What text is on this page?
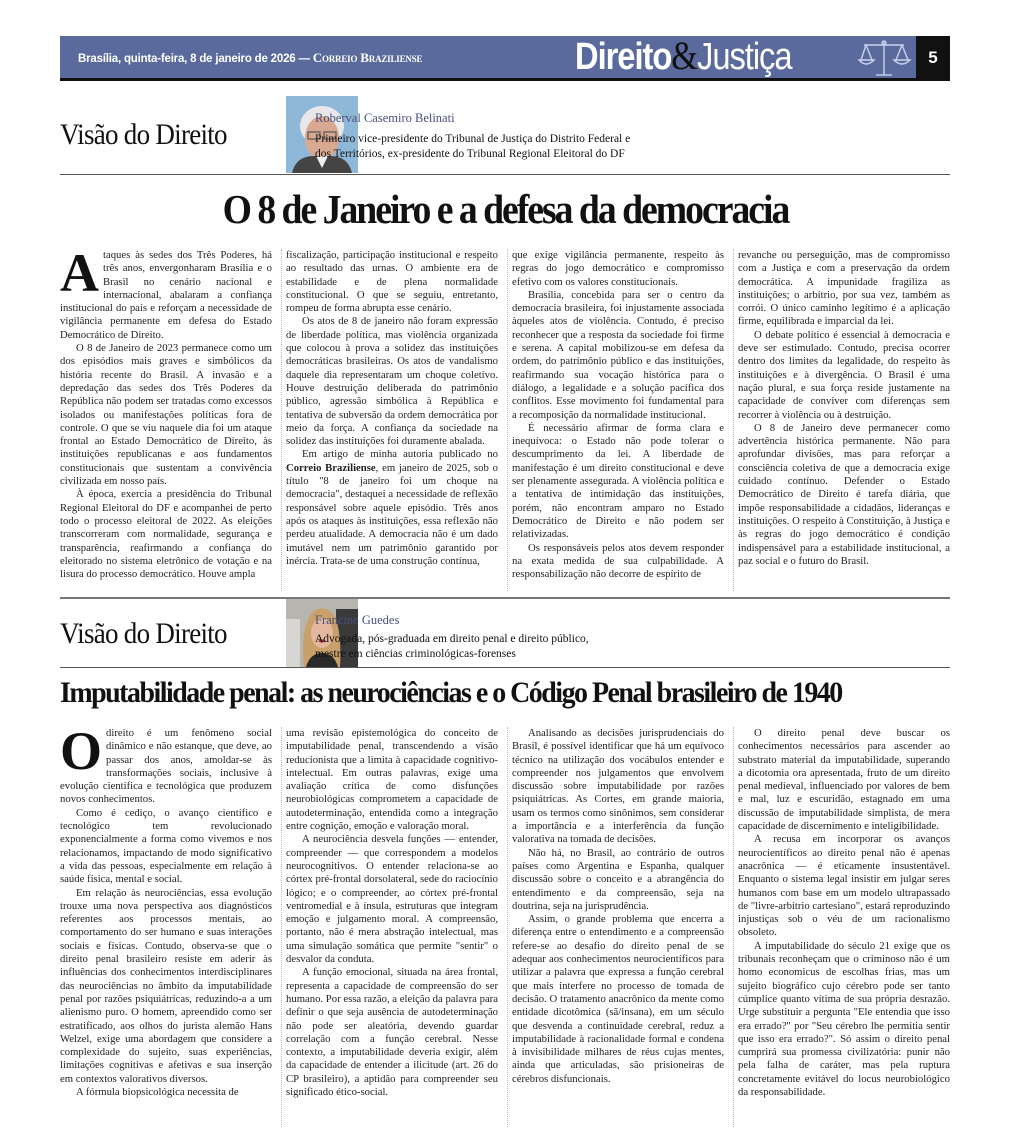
Brasília, quinta-feira, 8 de janeiro de 2026 — Correio Braziliense	Direito&Justiça	5
Visão do Direito	Roberval Casemiro Belinati
Primeiro vice-presidente do Tribunal de Justiça do Distrito Federal e
dos Territórios, ex-presidente do Tribunal Regional Eleitoral do DF
O 8 de Janeiro e a defesa da democracia

Ataques às sedes dos Três Poderes, há três anos, envergonharam Brasília e o Brasil no cenário nacional e internacional, abalaram a confiança institucional do país e reforçam a necessidade de vigilância permanente em defesa do Estado Democrático de Direito.

O 8 de Janeiro de 2023 permanece como um dos episódios mais graves e simbólicos da história recente do Brasil. A invasão e a depredação das sedes dos Três Poderes da República não podem ser tratadas como excessos isolados ou manifestações políticas fora de controle. O que se viu naquele dia foi um ataque frontal ao Estado Democrático de Direito, às instituições republicanas e aos fundamentos constitucionais que sustentam a convivência civilizada em nosso país.

À época, exercia a presidência do Tribunal Regional Eleitoral do DF e acompanhei de perto todo o processo eleitoral de 2022. As eleições transcorreram com normalidade, segurança e transparência, reafirmando a confiança do eleitorado no sistema eletrônico de votação e na lisura do processo democrático. Houve ampla

fiscalização, participação institucional e respeito ao resultado das urnas. O ambiente era de estabilidade e de plena normalidade constitucional. O que se seguiu, entretanto, rompeu de forma abrupta esse cenário.

Os atos de 8 de janeiro não foram expressão de liberdade política, mas violência organizada que colocou à prova a solidez das instituições democráticas brasileiras. Os atos de vandalismo daquele dia representaram um choque coletivo. Houve destruição deliberada do patrimônio público, agressão simbólica à República e tentativa de subversão da ordem democrática por meio da força. A confiança da sociedade na solidez das instituições foi duramente abalada.

Em artigo de minha autoria publicado no Correio Braziliense, em janeiro de 2025, sob o título "8 de janeiro foi um choque na democracia", destaquei a necessidade de reflexão responsável sobre aquele episódio. Três anos após os ataques às instituições, essa reflexão não perdeu atualidade. A democracia não é um dado imutável nem um patrimônio garantido por inércia. Trata-se de uma construção contínua,

que exige vigilância permanente, respeito às regras do jogo democrático e compromisso efetivo com os valores constitucionais.

Brasília, concebida para ser o centro da democracia brasileira, foi injustamente associada àqueles atos de violência. Contudo, é preciso reconhecer que a resposta da sociedade foi firme e serena. A capital mobilizou-se em defesa da ordem, do patrimônio público e das instituições, reafirmando sua vocação histórica para o diálogo, a legalidade e a solução pacífica dos conflitos. Esse movimento foi fundamental para a recomposição da normalidade institucional.

É necessário afirmar de forma clara e inequívoca: o Estado não pode tolerar o descumprimento da lei. A liberdade de manifestação é um direito constitucional e deve ser plenamente assegurada. A violência política e a tentativa de intimidação das instituições, porém, não encontram amparo no Estado Democrático de Direito e não podem ser relativizadas.

Os responsáveis pelos atos devem responder na exata medida de sua culpabilidade. A responsabilização não decorre de espírito de

revanche ou perseguição, mas de compromisso com a Justiça e com a preservação da ordem democrática. A impunidade fragiliza as instituições; o arbítrio, por sua vez, também as corrói. O único caminho legítimo é a aplicação firme, equilibrada e imparcial da lei.

O debate político é essencial à democracia e deve ser estimulado. Contudo, precisa ocorrer dentro dos limites da legalidade, do respeito às instituições e à divergência. O Brasil é uma nação plural, e sua força reside justamente na capacidade de conviver com diferenças sem recorrer à violência ou à destruição.

O 8 de Janeiro deve permanecer como advertência histórica permanente. Não para aprofundar divisões, mas para reforçar a consciência coletiva de que a democracia exige cuidado contínuo. Defender o Estado Democrático de Direito é tarefa diária, que impõe responsabilidade a cidadãos, lideranças e instituições. O respeito à Constituição, à Justiça e às regras do jogo democrático é condição indispensável para a estabilidade institucional, a paz social e o futuro do Brasil.

Visão do Direito	Francine Guedes
Advogada, pós-graduada em direito penal e direito público,
mestre em ciências criminológicas-forenses
Imputabilidade penal: as neurociências e o Código Penal brasileiro de 1940

Odireito é um fenômeno social dinâmico e não estanque, que deve, ao passar dos anos, amoldar-se às transformações sociais, inclusive à evolução científica e tecnológica que produzem novos conhecimentos.

Como é cediço, o avanço científico e tecnológico tem revolucionado exponencialmente a forma como vivemos e nos relacionamos, impactando de modo significativo a vida das pessoas, especialmente em relação à saúde física, mental e social.

Em relação às neurociências, essa evolução trouxe uma nova perspectiva aos diagnósticos referentes aos processos mentais, ao comportamento do ser humano e suas interações sociais e físicas. Contudo, observa-se que o direito penal brasileiro resiste em aderir às influências dos conhecimentos interdisciplinares das neurociências no âmbito da imputabilidade penal por razões psiquiátricas, reduzindo-a a um alienismo puro. O homem, apreendido como ser estratificado, aos olhos do jurista alemão Hans Welzel, exige uma abordagem que considere a complexidade do sujeito, suas experiências, limitações cognitivas e afetivas e sua inserção em contextos valorativos diversos.

A fórmula biopsicológica necessita de

uma revisão epistemológica do conceito de imputabilidade penal, transcendendo a visão reducionista que a limita à capacidade cognitivo-intelectual. Em outras palavras, exige uma avaliação crítica de como disfunções neurobiológicas comprometem a capacidade de autodeterminação, entendida como a integração entre cognição, emoção e valoração moral.

A neurociência desvela funções — entender, compreender — que correspondem a modelos neurocognitivos. O entender relaciona-se ao córtex pré-frontal dorsolateral, sede do raciocínio lógico; e o compreender, ao córtex pré-frontal ventromedial e à ínsula, estruturas que integram emoção e julgamento moral. A compreensão, portanto, não é mera abstração intelectual, mas uma simulação somática que permite "sentir" o desvalor da conduta.

A função emocional, situada na área frontal, representa a capacidade de compreensão do ser humano. Por essa razão, a eleição da palavra para definir o que seja ausência de autodeterminação não pode ser aleatória, devendo guardar correlação com a função cerebral. Nesse contexto, a imputabilidade deveria exigir, além da capacidade de entender a ilicitude (art. 26 do CP brasileiro), a aptidão para compreender seu significado ético-social.

Analisando as decisões jurisprudenciais do Brasil, é possível identificar que há um equívoco técnico na utilização dos vocábulos entender e compreender nos julgamentos que envolvem discussão sobre imputabilidade por razões psiquiátricas. As Cortes, em grande maioria, usam os termos como sinônimos, sem considerar a importância e a interferência da função valorativa na tomada de decisões.

Não há, no Brasil, ao contrário de outros países como Argentina e Espanha, qualquer discussão sobre o conceito e a abrangência do entendimento e da compreensão, seja na doutrina, seja na jurisprudência.

Assim, o grande problema que encerra a diferença entre o entendimento e a compreensão refere-se ao desafio do direito penal de se adequar aos conhecimentos neurocientíficos para utilizar a palavra que expressa a função cerebral que mais interfere no processo de tomada de decisão. O tratamento anacrônico da mente como entidade dicotômica (sã/insana), em um século que desvenda a continuidade cerebral, reduz a imputabilidade à racionalidade formal e condena à invisibilidade milhares de réus cujas mentes, ainda que articuladas, são prisioneiras de cérebros disfuncionais.

O direito penal deve buscar os conhecimentos necessários para ascender ao substrato material da imputabilidade, superando a dicotomia ora apresentada, fruto de um direito penal medieval, influenciado por valores de bem e mal, luz e escuridão, estagnado em uma discussão de imputabilidade simplista, de mera capacidade de discernimento e inteligibilidade.

A recusa em incorporar os avanços neurocientíficos ao direito penal não é apenas anacrônica — é eticamente insustentável. Enquanto o sistema legal insistir em julgar seres humanos com base em um modelo ultrapassado de "livre-arbítrio cartesiano", estará reproduzindo injustiças sob o véu de um racionalismo obsoleto.

A imputabilidade do século 21 exige que os tribunais reconheçam que o criminoso não é um homo economicus de escolhas frias, mas um sujeito biográfico cujo cérebro pode ser tanto cúmplice quanto vítima de sua própria desrazão. Urge substituir a pergunta "Ele entendia que isso era errado?" por "Seu cérebro lhe permitia sentir que isso era errado?". Só assim o direito penal cumprirá sua promessa civilizatória: punir não pela falha de caráter, mas pela ruptura concretamente evitável do locus neurobiológico da responsabilidade.
